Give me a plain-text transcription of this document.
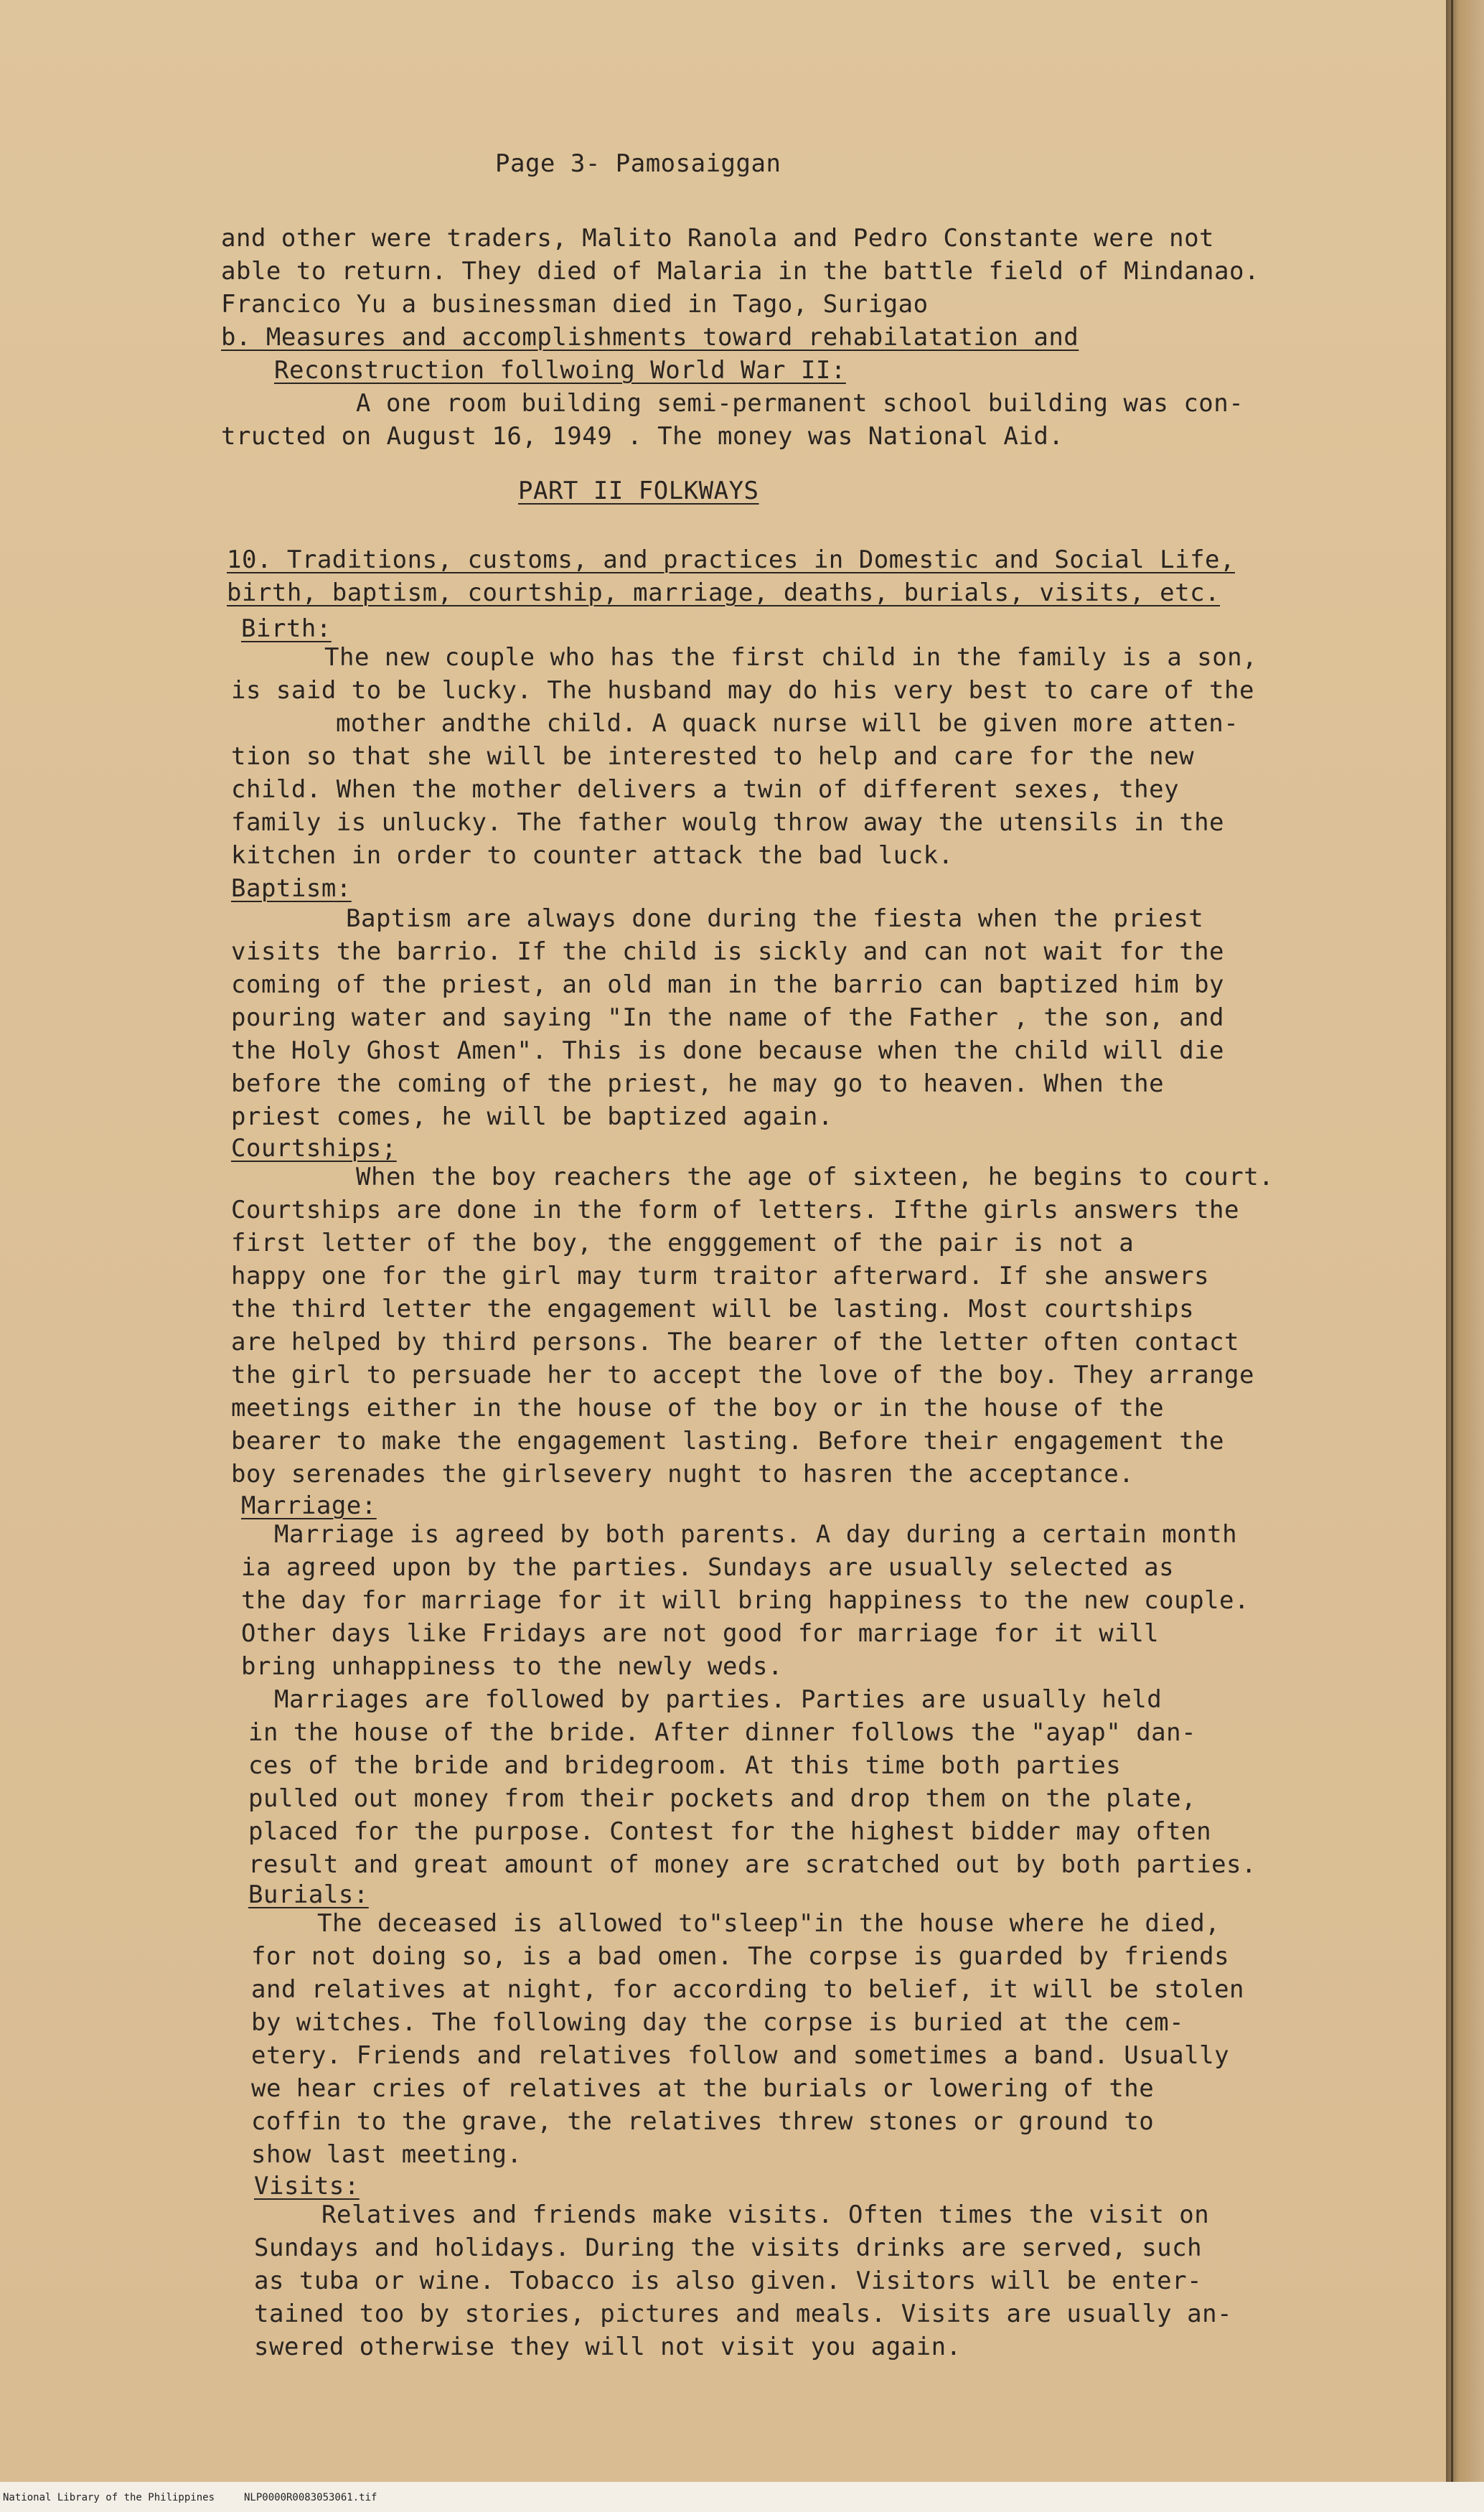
Page 3- Pamosaiggan
and other were traders, Malito Ranola and Pedro Constante were not
able to return. They died of Malaria in the battle field of Mindanao.
Francico Yu a businessman died in Tago, Surigao
b. Measures and accomplishments toward rehabilatation and
Reconstruction follwoing World War II:
A one room building semi-permanent school building was con-
tructed on August 16, 1949 . The money was National Aid.
PART II FOLKWAYS
10. Traditions, customs, and practices in Domestic and Social Life,
birth, baptism, courtship, marriage, deaths, burials, visits, etc.
Birth:
The new couple who has the first child in the family is a son,
is said to be lucky. The husband may do his very best to care of the
mother andthe child. A quack nurse will be given more atten-
tion so that she will be interested to help and care for the new
child. When the mother delivers a twin of different sexes, they
family is unlucky. The father woulg throw away the utensils in the
kitchen in order to counter attack the bad luck.
Baptism:
Baptism are always done during the fiesta when the priest
visits the barrio. If the child is sickly and can not wait for the
coming of the priest, an old man in the barrio can baptized him by
pouring water and saying "In the name of the Father , the son, and
the Holy Ghost Amen". This is done because when the child will die
before the coming of the priest, he may go to heaven. When the
priest comes, he will be baptized again.
Courtships;
When the boy reachers the age of sixteen, he begins to court.
Courtships are done in the form of letters. Ifthe girls answers the
first letter of the boy, the engggement of the pair is not a
happy one for the girl may turm traitor afterward. If she answers
the third letter the engagement will be lasting. Most courtships
are helped by third persons. The bearer of the letter often contact
the girl to persuade her to accept the love of the boy. They arrange
meetings either in the house of the boy or in the house of the
bearer to make the engagement lasting. Before their engagement the
boy serenades the girlsevery nught to hasren the acceptance.
Marriage:
Marriage is agreed by both parents. A day during a certain month
ia agreed upon by the parties. Sundays are usually selected as
the day for marriage for it will bring happiness to the new couple.
Other days like Fridays are not good for marriage for it will
bring unhappiness to the newly weds.
Marriages are followed by parties. Parties are usually held
in the house of the bride. After dinner follows the "ayap" dan-
ces of the bride and bridegroom. At this time both parties
pulled out money from their pockets and drop them on the plate,
placed for the purpose. Contest for the highest bidder may often
result and great amount of money are scratched out by both parties.
Burials:
The deceased is allowed to"sleep"in the house where he died,
for not doing so, is a bad omen. The corpse is guarded by friends
and relatives at night, for according to belief, it will be stolen
by witches. The following day the corpse is buried at the cem-
etery. Friends and relatives follow and sometimes a band. Usually
we hear cries of relatives at the burials or lowering of the
coffin to the grave, the relatives threw stones or ground to
show last meeting.
Visits:
Relatives and friends make visits. Often times the visit on
Sundays and holidays. During the visits drinks are served, such
as tuba or wine. Tobacco is also given. Visitors will be enter-
tained too by stories, pictures and meals. Visits are usually an-
swered otherwise they will not visit you again.
National Library of the Philippines	NLP0000R0083053061.tif
